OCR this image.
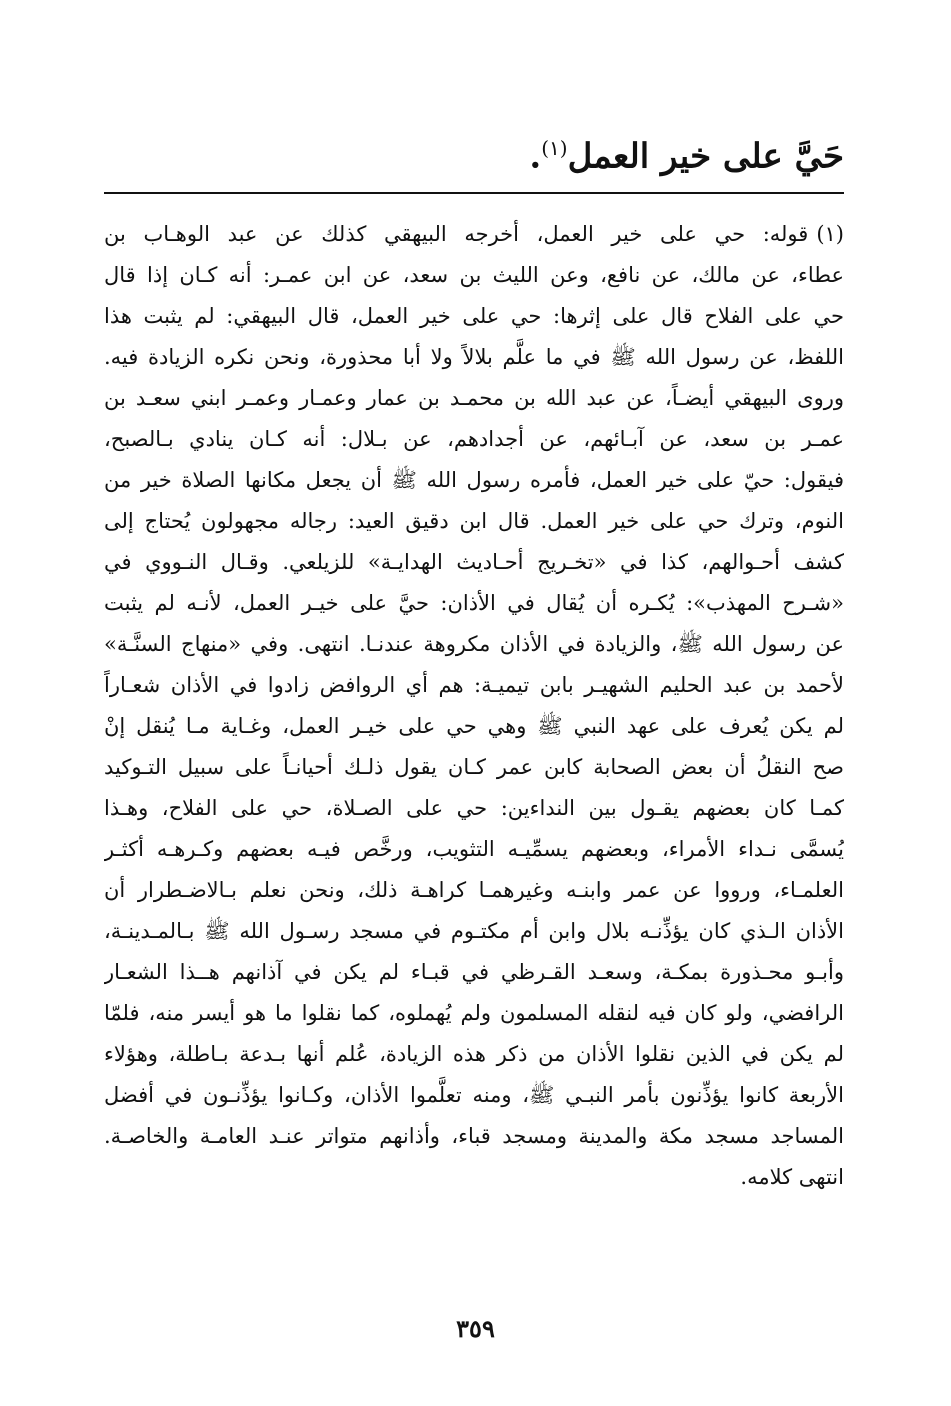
حَيَّ على خير العمل$^{(١)}$.
(١)قوله: حي على خير العمل، أخرجه البيهقي كذلك عن عبد الوهـاب بن
عطاء، عن مالك، عن نافع، وعن الليث بن سعد، عن ابن عمـر: أنه كـان إذا قال
حي على الفلاح قال على إثرها: حي على خير العمل، قال البيهقي: لم يثبت هذا
اللفظ، عن رسول الله ﷺ في ما علَّم بلالاً ولا أبا محذورة، ونحن نكره الزيادة فيه.
وروى البيهقي أيضـاً، عن عبد الله بن محمـد بن عمار وعمـار وعمـر ابني سعـد بن
عمـر بن سعد، عن آبـائهم، عن أجدادهم، عن بـلال: أنه كـان ينادي بـالصبح،
فيقول: حيّ على خير العمل، فأمره رسول الله ﷺ أن يجعل مكانها الصلاة خير من
النوم، وترك حي على خير العمل. قال ابن دقيق العيد: رجاله مجهولون يُحتاج إلى
كشف أحـوالهم، كذا في «تخـريج أحـاديث الهدايـة» للزيلعي. وقـال النـووي في
«شـرح المهذب»: يُكـره أن يُقال في الأذان: حيَّ على خيـر العمل، لأنـه لم يثبت
عن رسول الله ﷺ، والزيادة في الأذان مكروهة عندنـا. انتهى. وفي «منهاج السنَّـة»
لأحمد بن عبد الحليم الشهيـر بابن تيميـة: هم أي الروافض زادوا في الأذان شعـاراً
لم يكن يُعرف على عهد النبي ﷺ وهي حي على خيـر العمل، وغـاية مـا يُنقل إنْ
صح النقلُ أن بعض الصحابة كابن عمر كـان يقول ذلـك أحيانـاً على سبيل التـوكيد
كمـا كان بعضهم يقـول بين النداءين: حي على الصـلاة، حي على الفلاح، وهـذا
يُسمَّى نـداء الأمراء، وبعضهم يسمِّيـه التثويب، ورخَّص فيـه بعضهم وكـرهـه أكثـر
العلمـاء، ورووا عن عمر وابنـه وغيرهمـا كراهـة ذلك، ونحن نعلم بـالاضـطرار أن
الأذان الـذي كان يؤذِّنـه بلال وابن أم مكتـوم في مسجد رسـول الله ﷺ بـالمـدينـة،
وأبـو محـذورة بمكـة، وسعـد القـرظي في قبـاء لم يكن في آذانهم هــذا الشعـار
الرافضي، ولو كان فيه لنقله المسلمون ولم يُهملوه، كما نقلوا ما هو أيسر منه، فلمّا
لم يكن في الذين نقلوا الأذان من ذكر هذه الزيادة، عُلم أنها بـدعة بـاطلة، وهؤلاء
الأربعة كانوا يؤذِّنون بأمر النبـي ﷺ، ومنه تعلَّموا الأذان، وكـانوا يؤذِّنـون في أفضل
المساجد مسجد مكة والمدينة ومسجد قباء، وأذانهم متواتر عنـد العامـة والخاصـة.
انتهى كلامه.
٣٥٩
